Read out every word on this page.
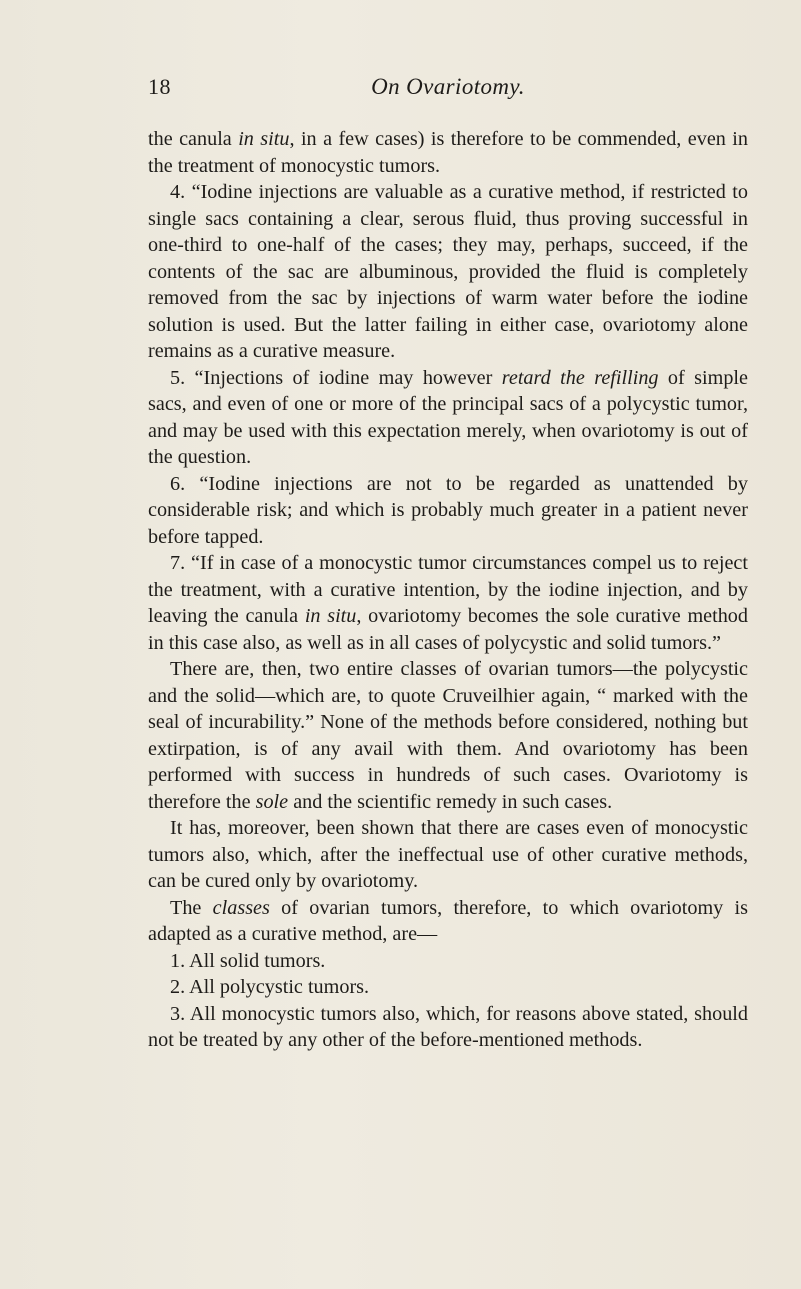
18	On Ovariotomy.

the canula in situ, in a few cases) is therefore to be commended, even in the treatment of monocystic tumors.

4. “Iodine injections are valuable as a curative method, if restricted to single sacs containing a clear, serous fluid, thus proving successful in one-third to one-half of the cases; they may, perhaps, succeed, if the contents of the sac are albuminous, provided the fluid is completely removed from the sac by injections of warm water before the iodine solution is used. But the latter failing in either case, ovariotomy alone remains as a curative measure.

5. “Injections of iodine may however retard the refilling of simple sacs, and even of one or more of the principal sacs of a polycystic tumor, and may be used with this expectation merely, when ovariotomy is out of the question.

6. “Iodine injections are not to be regarded as unattended by considerable risk; and which is probably much greater in a patient never before tapped.

7. “If in case of a monocystic tumor circumstances compel us to reject the treatment, with a curative intention, by the iodine injection, and by leaving the canula in situ, ovariotomy becomes the sole curative method in this case also, as well as in all cases of polycystic and solid tumors.”

There are, then, two entire classes of ovarian tumors—the polycystic and the solid—which are, to quote Cruveilhier again, “ marked with the seal of incurability.” None of the methods before considered, nothing but extirpation, is of any avail with them. And ovariotomy has been performed with success in hundreds of such cases. Ovariotomy is therefore the sole and the scientific remedy in such cases.

It has, moreover, been shown that there are cases even of monocystic tumors also, which, after the ineffectual use of other curative methods, can be cured only by ovariotomy.

The classes of ovarian tumors, therefore, to which ovariotomy is adapted as a curative method, are—

1. All solid tumors.

2. All polycystic tumors.

3. All monocystic tumors also, which, for reasons above stated, should not be treated by any other of the before-mentioned methods.
